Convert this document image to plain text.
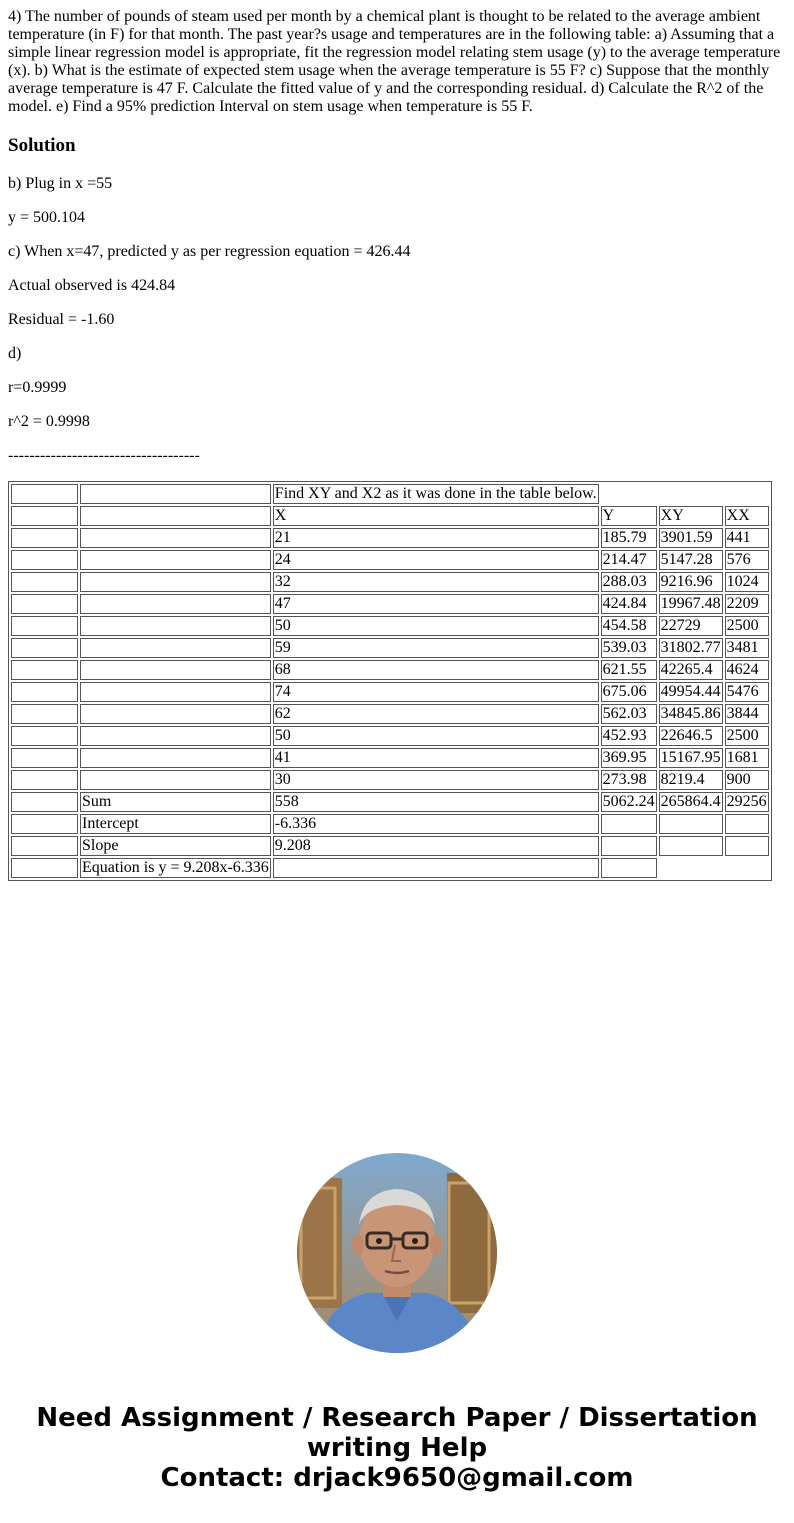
4) The number of pounds of steam used per month by a chemical plant is thought to be related to the average ambient temperature (in F) for that month. The past year?s usage and temperatures are in the following table: a) Assuming that a simple linear regression model is appropriate, fit the regression model relating stem usage (y) to the average temperature (x). b) What is the estimate of expected stem usage when the average temperature is 55 F? c) Suppose that the monthly average temperature is 47 F. Calculate the fitted value of y and the corresponding residual. d) Calculate the R^2 of the model. e) Find a 95% prediction Interval on stem usage when temperature is 55 F.
Solution
b) Plug in x =55
y = 500.104
c) When x=47, predicted y as per regression equation = 426.44
Actual observed is 424.84
Residual = -1.60
d)
r=0.9999
r^2 = 0.9998
------------------------------------
		Find XY and X2 as it was done in the table below.			
		X	Y	XY	XX
		21	185.79	3901.59	441
		24	214.47	5147.28	576
		32	288.03	9216.96	1024
		47	424.84	19967.48	2209
		50	454.58	22729	2500
		59	539.03	31802.77	3481
		68	621.55	42265.4	4624
		74	675.06	49954.44	5476
		62	562.03	34845.86	3844
		50	452.93	22646.5	2500
		41	369.95	15167.95	1681
		30	273.98	8219.4	900
	Sum	558	5062.24	265864.4	29256
	Intercept	-6.336			
	Slope	9.208			
	Equation is y = 9.208x-6.336				
Need Assignment / Research Paper / Dissertation
writing Help
Contact: drjack9650@gmail.com
